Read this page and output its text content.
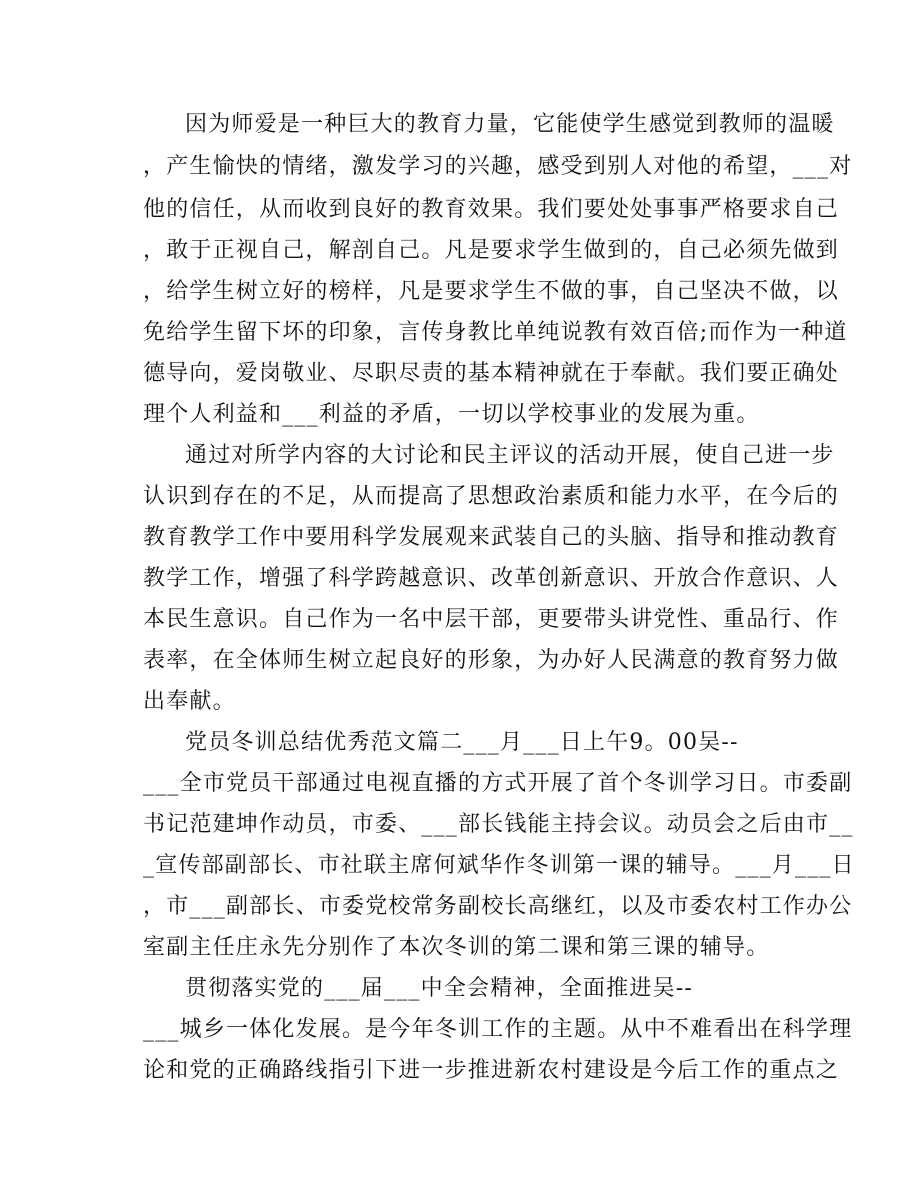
因为师爱是一种巨大的教育力量，它能使学生感觉到教师的温暖
，产生愉快的情绪，激发学习的兴趣，感受到别人对他的希望，___对
他的信任，从而收到良好的教育效果。我们要处处事事严格要求自己
，敢于正视自己，解剖自己。凡是要求学生做到的，自己必须先做到
，给学生树立好的榜样，凡是要求学生不做的事，自己坚决不做，以
免给学生留下坏的印象，言传身教比单纯说教有效百倍;而作为一种道
德导向，爱岗敬业、尽职尽责的基本精神就在于奉献。我们要正确处
理个人利益和___利益的矛盾，一切以学校事业的发展为重。
通过对所学内容的大讨论和民主评议的活动开展，使自己进一步
认识到存在的不足，从而提高了思想政治素质和能力水平，在今后的
教育教学工作中要用科学发展观来武装自己的头脑、指导和推动教育
教学工作，增强了科学跨越意识、改革创新意识、开放合作意识、人
本民生意识。自己作为一名中层干部，更要带头讲党性、重品行、作
表率，在全体师生树立起良好的形象，为办好人民满意的教育努力做
出奉献。
党员冬训总结优秀范文篇二___月___日上午9。00吴--
___全市党员干部通过电视直播的方式开展了首个冬训学习日。市委副
书记范建坤作动员，市委、___部长钱能主持会议。动员会之后由市__
_宣传部副部长、市社联主席何斌华作冬训第一课的辅导。___月___日
，市___副部长、市委党校常务副校长高继红，以及市委农村工作办公
室副主任庄永先分别作了本次冬训的第二课和第三课的辅导。
贯彻落实党的___届___中全会精神，全面推进吴--
___城乡一体化发展。是今年冬训工作的主题。从中不难看出在科学理
论和党的正确路线指引下进一步推进新农村建设是今后工作的重点之
